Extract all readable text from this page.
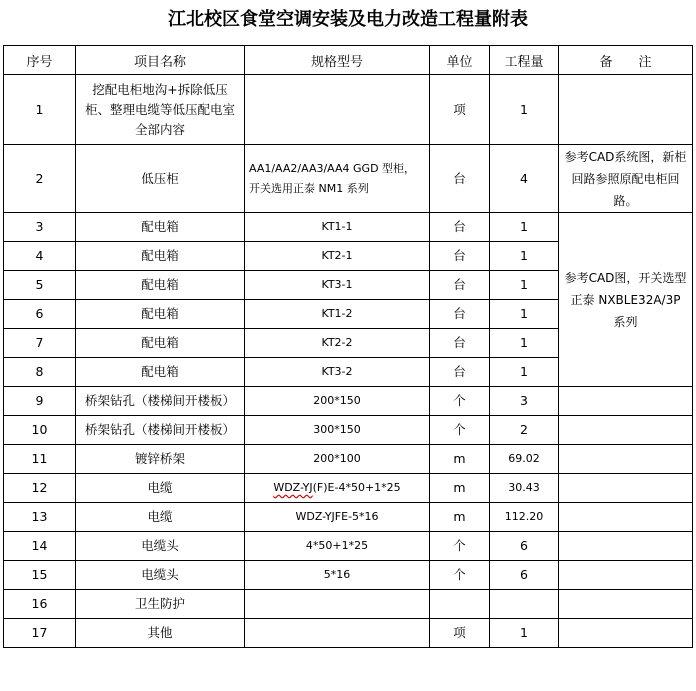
江北校区食堂空调安装及电力改造工程量附表
序号	项目名称	规格型号	单位	工程量	备　　注
1	挖配电柜地沟+拆除低压柜、整理电缆等低压配电室全部内容		项	1	
2	低压柜	AA1/AA2/AA3/AA4 GGD 型柜，开关选用正泰 NM1 系列	台	4	参考CAD系统图，新柜回路参照原配电柜回路。
3	配电箱	KT1-1	台	1	参考CAD图，开关选型正泰 NXBLE32A/3P 系列
4	配电箱	KT2-1	台	1	
5	配电箱	KT3-1	台	1	
6	配电箱	KT1-2	台	1	
7	配电箱	KT2-2	台	1	
8	配电箱	KT3-2	台	1	
9	桥架钻孔（楼梯间开楼板）	200*150	个	3	
10	桥架钻孔（楼梯间开楼板）	300*150	个	2	
11	镀锌桥架	200*100	m	69.02	
12	电缆	WDZ-YJ(F)E-4*50+1*25	m	30.43	
13	电缆	WDZ-YJFE-5*16	m	112.20	
14	电缆头	4*50+1*25	个	6	
15	电缆头	5*16	个	6	
16	卫生防护				
17	其他		项	1	
